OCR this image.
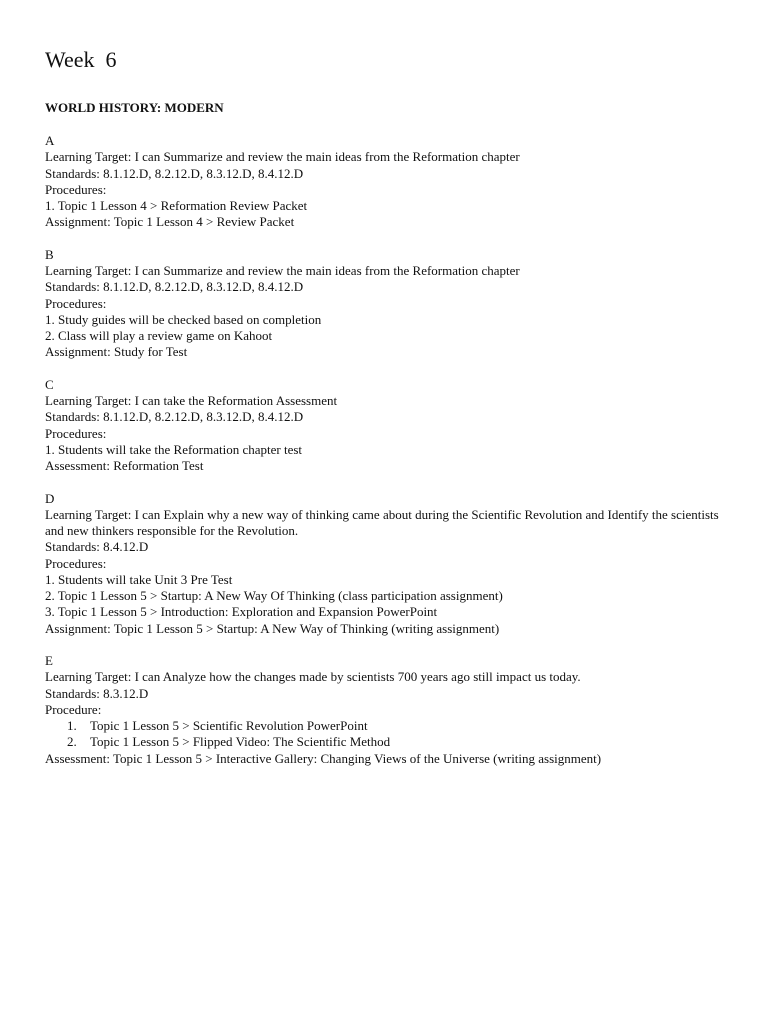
Week  6
WORLD HISTORY: MODERN
A
Learning Target: I can Summarize and review the main ideas from the Reformation chapter
Standards: 8.1.12.D, 8.2.12.D, 8.3.12.D, 8.4.12.D
Procedures:
1. Topic 1 Lesson 4 > Reformation Review Packet
Assignment: Topic 1 Lesson 4 > Review Packet
B
Learning Target: I can Summarize and review the main ideas from the Reformation chapter
Standards: 8.1.12.D, 8.2.12.D, 8.3.12.D, 8.4.12.D
Procedures:
1. Study guides will be checked based on completion
2. Class will play a review game on Kahoot
Assignment: Study for Test
C
Learning Target: I can take the Reformation Assessment
Standards: 8.1.12.D, 8.2.12.D, 8.3.12.D, 8.4.12.D
Procedures:
1. Students will take the Reformation chapter test
Assessment: Reformation Test
D
Learning Target: I can Explain why a new way of thinking came about during the Scientific Revolution and Identify the scientists and new thinkers responsible for the Revolution.
Standards: 8.4.12.D
Procedures:
1. Students will take Unit 3 Pre Test
2. Topic 1 Lesson 5 > Startup: A New Way Of Thinking (class participation assignment)
3. Topic 1 Lesson 5 > Introduction: Exploration and Expansion PowerPoint
Assignment: Topic 1 Lesson 5 > Startup: A New Way of Thinking (writing assignment)
E
Learning Target: I can Analyze how the changes made by scientists 700 years ago still impact us today.
Standards: 8.3.12.D
Procedure:
1. Topic 1 Lesson 5 > Scientific Revolution PowerPoint
2. Topic 1 Lesson 5 > Flipped Video: The Scientific Method
Assessment: Topic 1 Lesson 5 > Interactive Gallery: Changing Views of the Universe (writing assignment)
